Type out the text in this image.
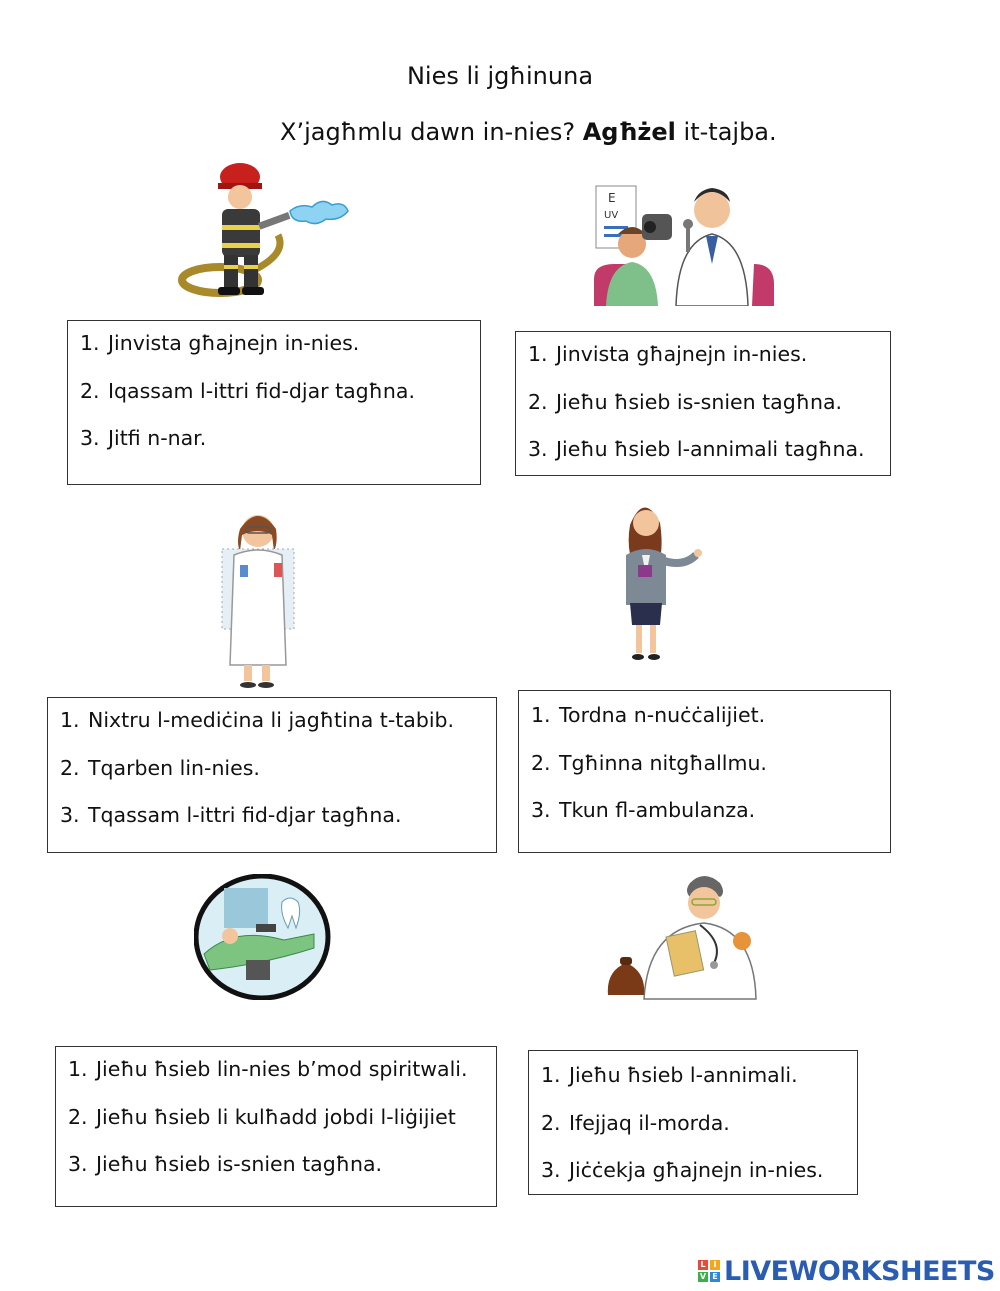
Nies li jgħinuna
X’jagħmlu dawn in-nies? Agħżel it-tajba.
E
UV
1. Jinvista għajnejn in-nies.
2. Iqassam l-ittri fid-djar tagħna.
3. Jitfi n-nar.
1. Jinvista għajnejn in-nies.
2. Jieħu ħsieb is-snien tagħna.
3. Jieħu ħsieb l-annimali tagħna.
1. Nixtru l-mediċina li jagħtina t-tabib.
2. Tqarben lin-nies.
3. Tqassam l-ittri fid-djar tagħna.
1. Tordna n-nuċċalijiet.
2. Tgħinna nitgħallmu.
3. Tkun fl-ambulanza.
1. Jieħu ħsieb lin-nies b’mod spiritwali.
2. Jieħu ħsieb li kulħadd jobdi l-liġijiet
3. Jieħu ħsieb is-snien tagħna.
1. Jieħu ħsieb l-annimali.
2. Ifejjaq il-morda.
3. Jiċċekja għajnejn in-nies.
L I
V E LIVEWORKSHEETS
